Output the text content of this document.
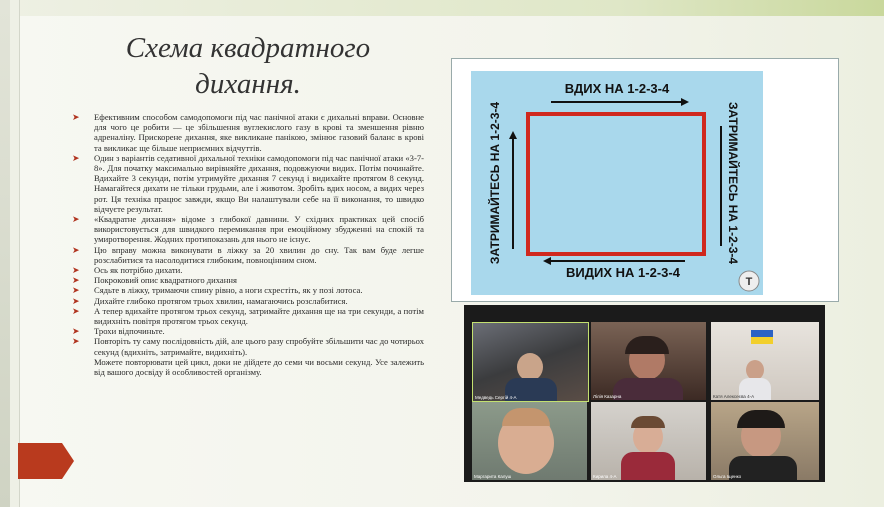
Схема квадратного
дихання.
➤ Ефективним способом самодопомоги під час панічної атаки є дихальні вправи. Основне для чого це робити — це збільшення вуглекислого газу в крові та зменшення рівню адреналіну. Прискорене дихання, яке викликане панікою, змінює газовий баланс в крові та викликає ще більше неприємних відчуттів.
➤ Один з варіантів седативної дихальної техніки самодопомоги під час панічної атаки «3-7-8». Для початку максимально вирівняйте дихання, подовжуючи видих. Потім починайте. Вдихайте 3 секунди, потім утримуйте дихання 7 секунд і видихайте протягом 8 секунд. Намагайтеся дихати не тільки грудьми, але і животом. Зробіть вдих носом, а видих через рот. Ця техніка працює завжди, якщо Ви налаштували себе на її виконання, то швидко відчуєте результат.
➤ «Квадратне дихання» відоме з глибокої давнини. У східних практиках цей спосіб використовується для швидкого перемикання при емоційному збудженні на спокій та умиротворення. Жодних протипоказань для нього не існує.
➤ Цю вправу можна виконувати в ліжку за 20 хвилин до сну. Так вам буде легше розслабитися та насолодитися глибоким, повноцінним сном.
➤ Ось як потрібно дихати.
➤ Покроковий опис квадратного дихання
➤ Сядьте в ліжку, тримаючи спину рівно, а ноги схрестіть, як у позі лотоса.
➤ Дихайте глибоко протягом трьох хвилин, намагаючись розслабитися.
➤ А тепер вдихайте протягом трьох секунд, затримайте дихання ще на три секунди, а потім видихніть повітря протягом трьох секунд.
➤ Трохи відпочиньте.
➤ Повторіть ту саму послідовність дій, але цього разу спробуйте збільшити час до чотирьох секунд (вдихніть, затримайте, видихніть).
Можете повторювати цей цикл, доки не дійдете до семи чи восьми секунд. Усе залежить від вашого досвіду й особливостей організму.
ВДИХ НА 1-2-3-4
ЗАТРИМАЙТЕСЬ НА 1-2-3-4
ВИДИХ НА 1-2-3-4
ЗАТРИМАЙТЕСЬ НА 1-2-3-4
T
Медведь Сергій 4-А	Лілія Казарна	Катя Алексеєва 4-А
Маргарита Калуш	Кирила 4-А	Ольга Іщенко
